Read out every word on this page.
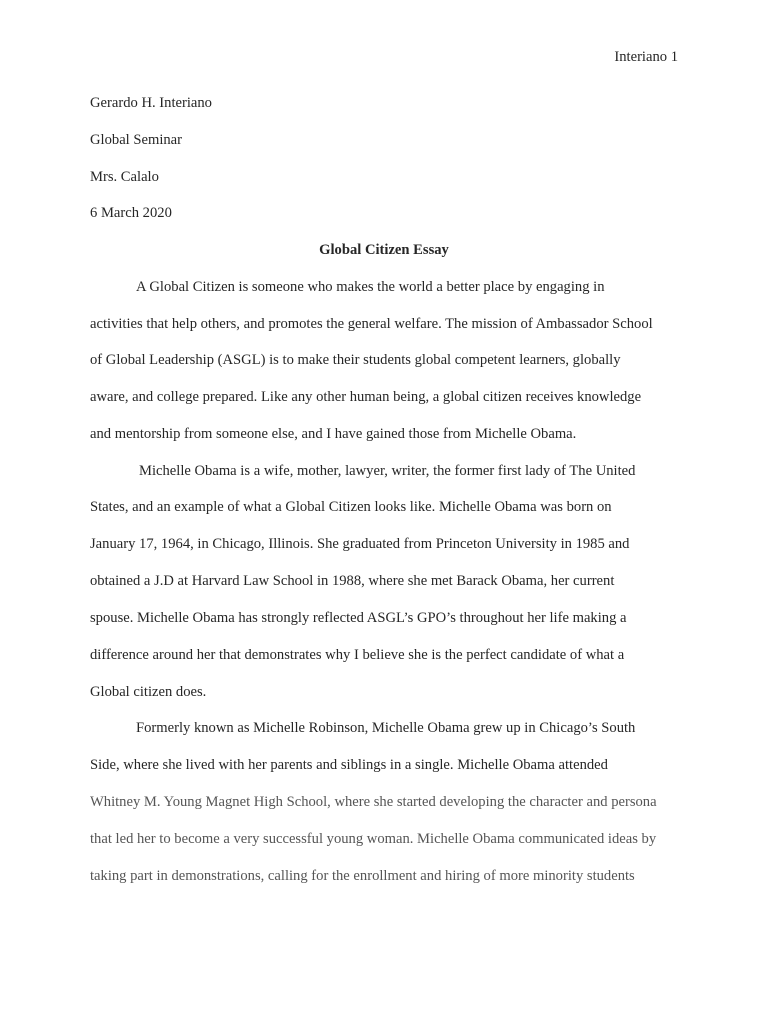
Interiano 1
Gerardo H. Interiano
Global Seminar
Mrs. Calalo
6 March 2020
Global Citizen Essay
A Global Citizen is someone who makes the world a better place by engaging in
activities that help others, and promotes the general welfare. The mission of Ambassador School
of Global Leadership (ASGL) is to make their students global competent learners, globally
aware, and college prepared. Like any other human being, a global citizen receives knowledge
and mentorship from someone else, and I have gained those from Michelle Obama.
Michelle Obama is a wife, mother, lawyer, writer, the former first lady of The United
States, and an example of what a Global Citizen looks like. Michelle Obama was born on
January 17, 1964, in Chicago, Illinois. She graduated from Princeton University in 1985 and
obtained a J.D at Harvard Law School in 1988, where she met Barack Obama, her current
spouse. Michelle Obama has strongly reflected ASGL’s GPO’s throughout her life making a
difference around her that demonstrates why I believe she is the perfect candidate of what a
Global citizen does.
Formerly known as Michelle Robinson, Michelle Obama grew up in Chicago’s South
Side, where she lived with her parents and siblings in a single. Michelle Obama attended
Whitney M. Young Magnet High School, where she started developing the character and persona
that led her to become a very successful young woman. Michelle Obama communicated ideas by
taking part in demonstrations, calling for the enrollment and hiring of more minority students
